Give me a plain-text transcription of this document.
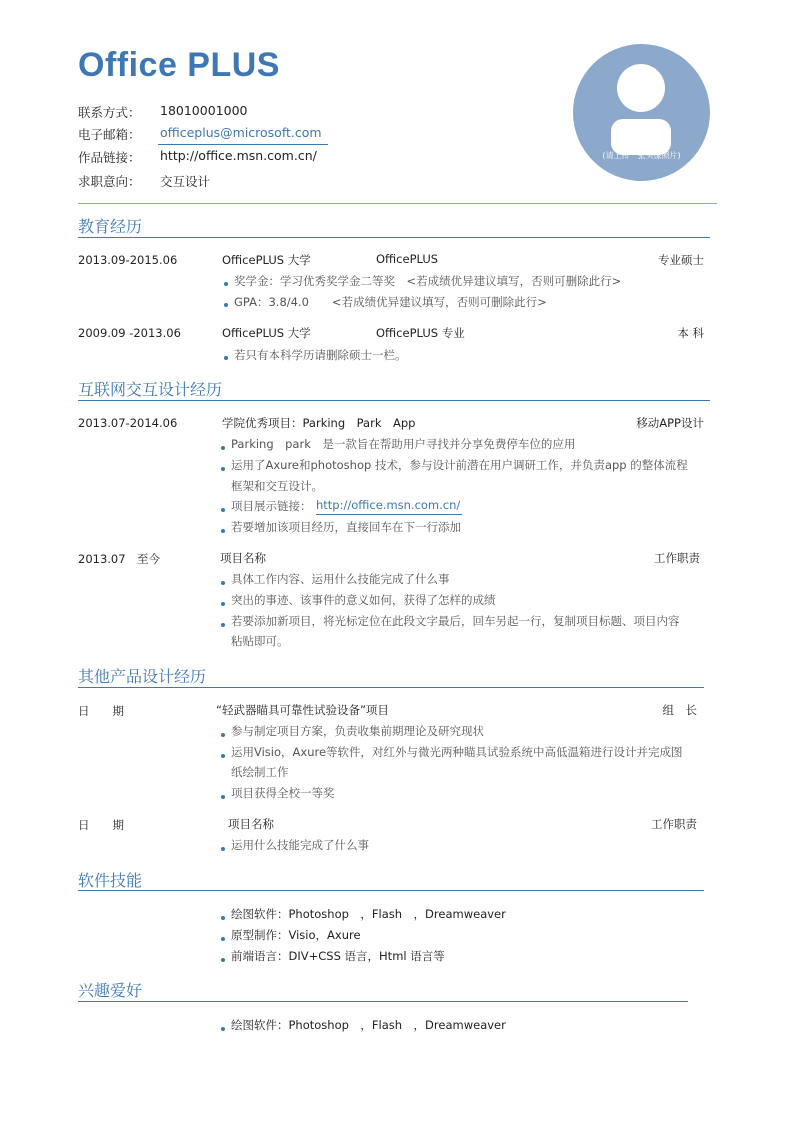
Office PLUS
联系方式： 18010001000
电子邮箱： officeplus@microsoft.com
作品链接： http://office.msn.com.cn/
求职意向： 交互设计
(请上传一张头像照片)
教育经历
2013.09-2015.06	OfficePLUS 大学	OfficePLUS	专业硕士
奖学金：学习优秀奖学金二等奖　<若成绩优异建议填写，否则可删除此行>
GPA：3.8/4.0　　<若成绩优异建议填写，否则可删除此行>
2009.09 -2013.06	OfficePLUS 大学	OfficePLUS 专业	本 科
若只有本科学历请删除硕士一栏。
互联网交互设计经历
2013.07-2014.06	学院优秀项目：Parking　Park　App	移动APP设计
Parking　park　是一款旨在帮助用户寻找并分享免费停车位的应用
运用了Axure和photoshop 技术，参与设计前潜在用户调研工作，并负责app 的整体流程
框架和交互设计。
项目展示链接： http://office.msn.com.cn/
若要增加该项目经历，直接回车在下一行添加
2013.07　至今	项目名称	工作职责
具体工作内容、运用什么技能完成了什么事
突出的事迹、该事件的意义如何，获得了怎样的成绩
若要添加新项目，将光标定位在此段文字最后，回车另起一行，复制项目标题、项目内容
粘贴即可。
其他产品设计经历
日　　期	“轻武器瞄具可靠性试验设备”项目	组　长
参与制定项目方案，负责收集前期理论及研究现状
运用Visio，Axure等软件，对红外与微光两种瞄具试验系统中高低温箱进行设计并完成图
纸绘制工作
项目获得全校一等奖
日　　期	项目名称	工作职责
运用什么技能完成了什么事
软件技能
绘图软件：Photoshop　，Flash　，Dreamweaver
原型制作：Visio，Axure
前端语言：DIV+CSS 语言，Html 语言等
兴趣爱好
绘图软件：Photoshop　，Flash　，Dreamweaver
